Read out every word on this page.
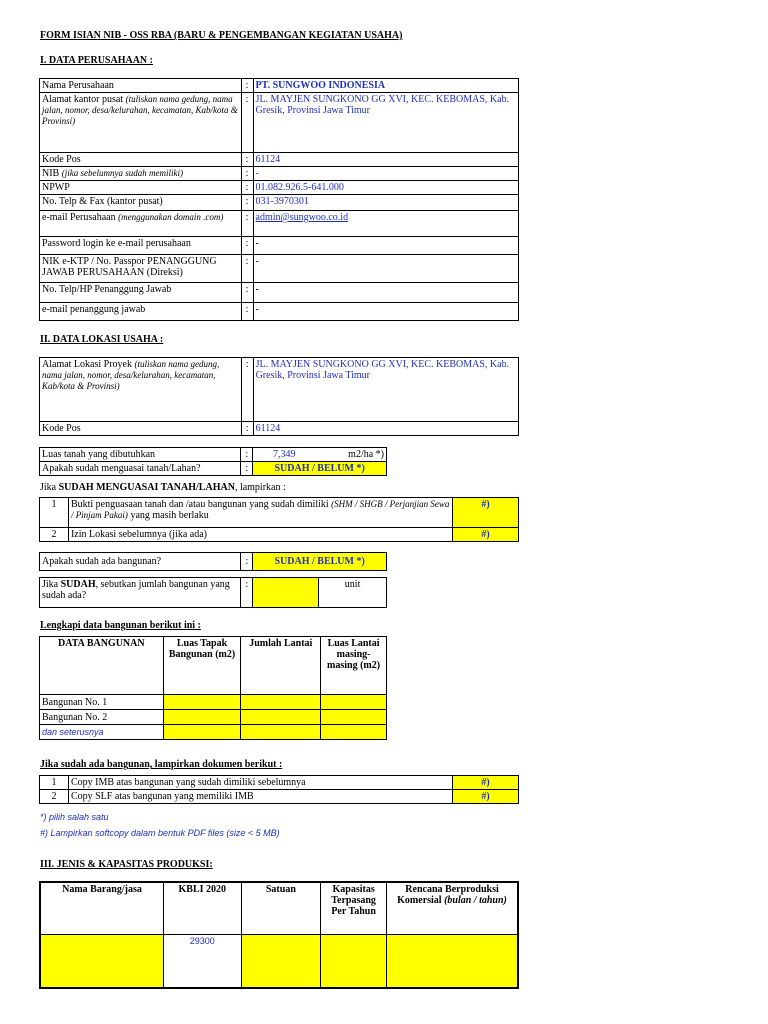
FORM ISIAN NIB - OSS RBA (BARU & PENGEMBANGAN KEGIATAN USAHA)
I. DATA PERUSAHAAN :
Nama Perusahaan	:	PT. SUNGWOO INDONESIA
Alamat kantor pusat (tuliskan nama gedung, nama jalan, nomor, desa/kelurahan, kecamatan, Kab/kota & Provinsi)	:	JL. MAYJEN SUNGKONO GG XVI, KEC. KEBOMAS, Kab. Gresik, Provinsi Jawa Timur
Kode Pos	:	61124
NIB (jika sebelumnya sudah memiliki)	:	-
NPWP	:	01.082.926.5-641.000
No. Telp & Fax (kantor pusat)	:	031-3970301
e-mail Perusahaan (menggunakan domain .com)	:	admin@sungwoo.co.id
Password login ke e-mail perusahaan	:	-
NIK e-KTP / No. Passpor PENANGGUNG JAWAB PERUSAHAAN (Direksi)	:	-
No. Telp/HP Penanggung Jawab	:	-
e-mail penanggung jawab	:	-
II. DATA LOKASI USAHA :
Alamat Lokasi Proyek (tuliskan nama gedung, nama jalan, nomor, desa/kelurahan, kecamatan, Kab/kota & Provinsi)	:	JL. MAYJEN SUNGKONO GG XVI, KEC. KEBOMAS, Kab. Gresik, Provinsi Jawa Timur
Kode Pos	:	61124
Luas tanah yang dibutuhkan	:	7,349 m2/ha *)

Apakah sudah menguasai tanah/Lahan?	:	SUDAH / BELUM *)
Jika SUDAH MENGUASAI TANAH/LAHAN, lampirkan :
1	Bukti penguasaan tanah dan /atau bangunan yang sudah dimiliki (SHM / SHGB / Perjanjian Sewa / Pinjam Pakai) yang masih berlaku	#)
2	Izin Lokasi sebelumnya (jika ada)	#)
Apakah sudah ada bangunan?	:	SUDAH / BELUM *)
Jika SUDAH, sebutkan jumlah bangunan yang sudah ada?	:		unit
Lengkapi data bangunan berikut ini :
DATA BANGUNAN	Luas Tapak Bangunan (m2)	Jumlah Lantai	Luas Lantai masing-masing (m2)
Bangunan No. 1			
Bangunan No. 2			
dan seterusnya			
Jika sudah ada bangunan, lampirkan dokumen berikut :
1	Copy IMB atas bangunan yang sudah dimiliki sebelumnya	#)
2	Copy SLF atas bangunan yang memiliki IMB	#)
*) pilih salah satu
#) Lampirkan softcopy dalam bentuk PDF files (size < 5 MB)
III. JENIS & KAPASITAS PRODUKSI:
Nama Barang/jasa	KBLI 2020	Satuan	Kapasitas Terpasang Per Tahun	Rencana Berproduksi Komersial (bulan / tahun)
	29300			
